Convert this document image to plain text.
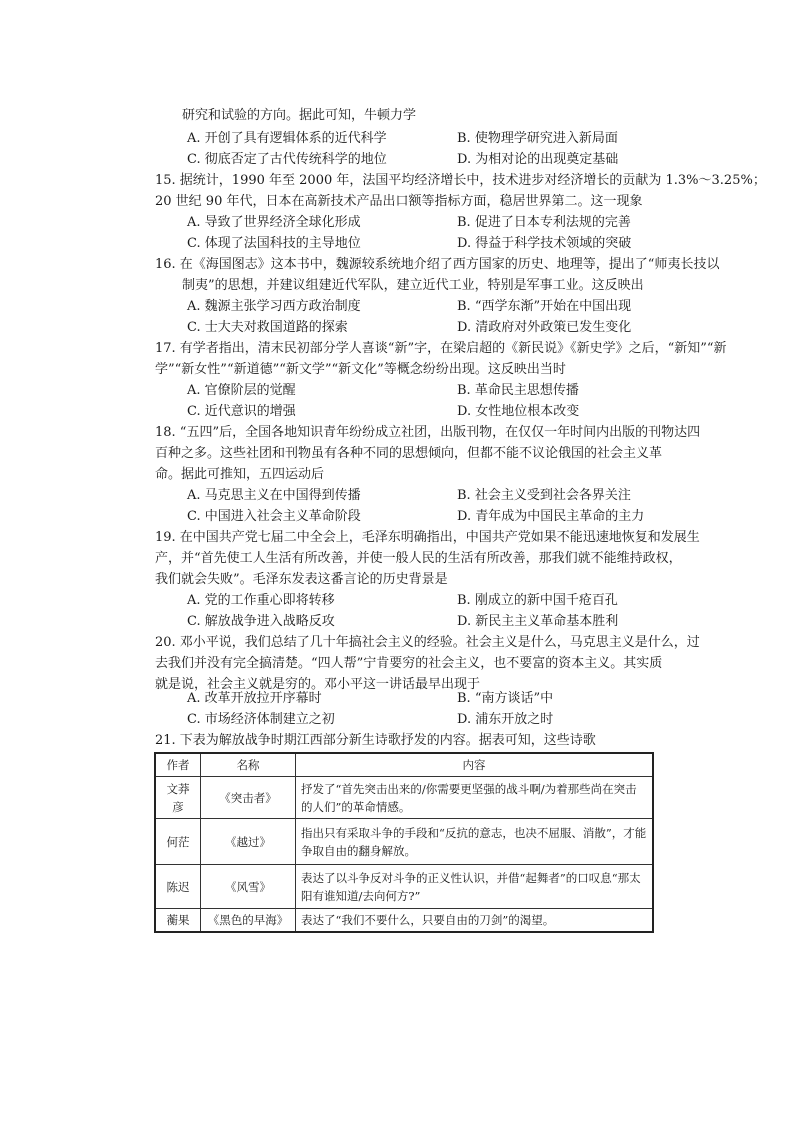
研究和试验的方向。据此可知，牛顿力学
A. 开创了具有逻辑体系的近代科学	B. 使物理学研究进入新局面
C. 彻底否定了古代传统科学的地位	D. 为相对论的出现奠定基础
15. 据统计，1990 年至 2000 年，法国平均经济增长中，技术进步对经济增长的贡献为 1.3%～3.25%；
20 世纪 90 年代，日本在高新技术产品出口额等指标方面，稳居世界第二。这一现象
A. 导致了世界经济全球化形成	B. 促进了日本专利法规的完善
C. 体现了法国科技的主导地位	D. 得益于科学技术领域的突破
16. 在《海国图志》这本书中，魏源较系统地介绍了西方国家的历史、地理等，提出了“师夷长技以
制夷”的思想，并建议组建近代军队，建立近代工业，特别是军事工业。这反映出
A. 魏源主张学习西方政治制度	B. “西学东渐”开始在中国出现
C. 士大夫对救国道路的探索	D. 清政府对外政策已发生变化
17. 有学者指出，清末民初部分学人喜谈“新”字，在梁启超的《新民说》《新史学》之后，“新知”“新
学”“新女性”“新道德”“新文学”“新文化”等概念纷纷出现。这反映出当时
A. 官僚阶层的觉醒	B. 革命民主思想传播
C. 近代意识的增强	D. 女性地位根本改变
18. “五四”后，全国各地知识青年纷纷成立社团，出版刊物，在仅仅一年时间内出版的刊物达四
百种之多。这些社团和刊物虽有各种不同的思想倾向，但都不能不议论俄国的社会主义革
命。据此可推知，五四运动后
A. 马克思主义在中国得到传播	B. 社会主义受到社会各界关注
C. 中国进入社会主义革命阶段	D. 青年成为中国民主革命的主力
19. 在中国共产党七届二中全会上，毛泽东明确指出，中国共产党如果不能迅速地恢复和发展生
产，并“首先使工人生活有所改善，并使一般人民的生活有所改善，那我们就不能维持政权，
我们就会失败”。毛泽东发表这番言论的历史背景是
A. 党的工作重心即将转移	B. 刚成立的新中国千疮百孔
C. 解放战争进入战略反攻	D. 新民主主义革命基本胜利
20. 邓小平说，我们总结了几十年搞社会主义的经验。社会主义是什么，马克思主义是什么，过
去我们并没有完全搞清楚。“四人帮”宁肯要穷的社会主义，也不要富的资本主义。其实质
就是说，社会主义就是穷的。邓小平这一讲话最早出现于
A. 改革开放拉开序幕时	B. “南方谈话”中
C. 市场经济体制建立之初	D. 浦东开放之时
21. 下表为解放战争时期江西部分新生诗歌抒发的内容。据表可知，这些诗歌
作者	名称	内容
文莽彦	《突击者》	抒发了“首先突击出来的/你需要更坚强的战斗啊/为着那些尚在突击的人们”的革命情感。
何茫	《越过》	指出只有采取斗争的手段和“反抗的意志，也决不屈服、消散”，才能争取自由的翻身解放。
陈迟	《风雪》	表达了以斗争反对斗争的正义性认识，并借“起舞者”的口叹息“那太阳有谁知道/去向何方?”
蘅果	《黑色的早海》	表达了“我们不要什么，只要自由的刀剑”的渴望。
